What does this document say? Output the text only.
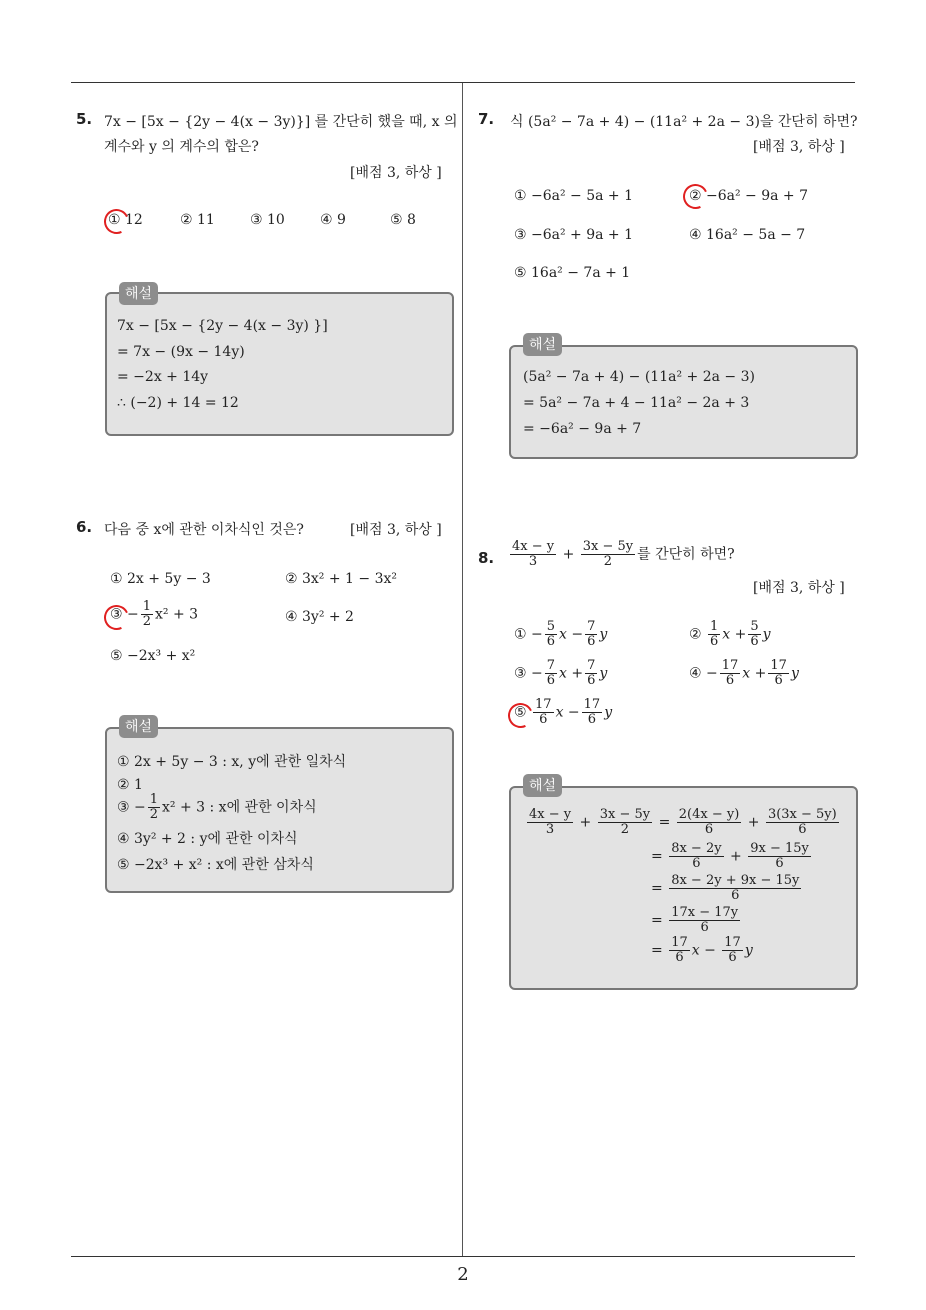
2
5. 7x − [5x − {2y − 4(x − 3y)}] 를 간단히 했을 때, x 의
계수와 y 의 계수의 합은?
[배점 3, 하상 ]
① 12	② 11	③ 10	④ 9	⑤ 8
7x − [5x − {2y − 4(x − 3y) }]
= 7x − (9x − 14y)
= −2x + 14y
∴ (−2) + 14 = 12
해설
6. 다음 중 x에 관한 이차식인 것은?	[배점 3, 하상 ]
① 2x + 5y − 3	② 3x² + 1 − 3x²
③ − $\frac{1}{2} x^2 + 3$	④ 3y² + 2
⑤ −2x³ + x²
① 2x + 5y − 3 : x, y에 관한 일차식
② 1
③ − $\frac{1}{2} x^2 + 3$ : x에 관한 이차식
④ 3y² + 2 : y에 관한 이차식
⑤ −2x³ + x² : x에 관한 삼차식
해설
7. 식 (5a² − 7a + 4) − (11a² + 2a − 3)을 간단히 하면?
[배점 3, 하상 ]
① −6a² − 5a + 1	② −6a² − 9a + 7
③ −6a² + 9a + 1	④ 16a² − 5a − 7
⑤ 16a² − 7a + 1
(5a² − 7a + 4) − (11a² + 2a − 3)
= 5a² − 7a + 4 − 11a² − 2a + 3
= −6a² − 9a + 7
해설
8. $\frac{4x - y}{3} + \frac{3x - 5y}{2}$ 를 간단히 하면?
[배점 3, 하상 ]
① − $\frac{5}{6}$ $x - \frac{7}{6}$ y	② $\frac{1}{6}$ $x + \frac{5}{6}$ y
③ − $\frac{7}{6}$ $x + \frac{7}{6}$ y	④ − $\frac{17}{6}$ $x + \frac{17}{6}$ y
⑤ $\frac{17}{6}$ $x - \frac{17}{6}$ y
$\frac{4x - y}{3} + \frac{3x - 5y}{2} = \frac{2(4x - y)}{6} + \frac{3(3x - 5y)}{6}$
= $\frac{8x - 2y}{6} + \frac{9x - 15y}{6}$
= $\frac{8x - 2y + 9x - 15y}{6}$
= $\frac{17x - 17y}{6}$
= $\frac{17}{6}$ $x - \frac{17}{6}$ y
해설
